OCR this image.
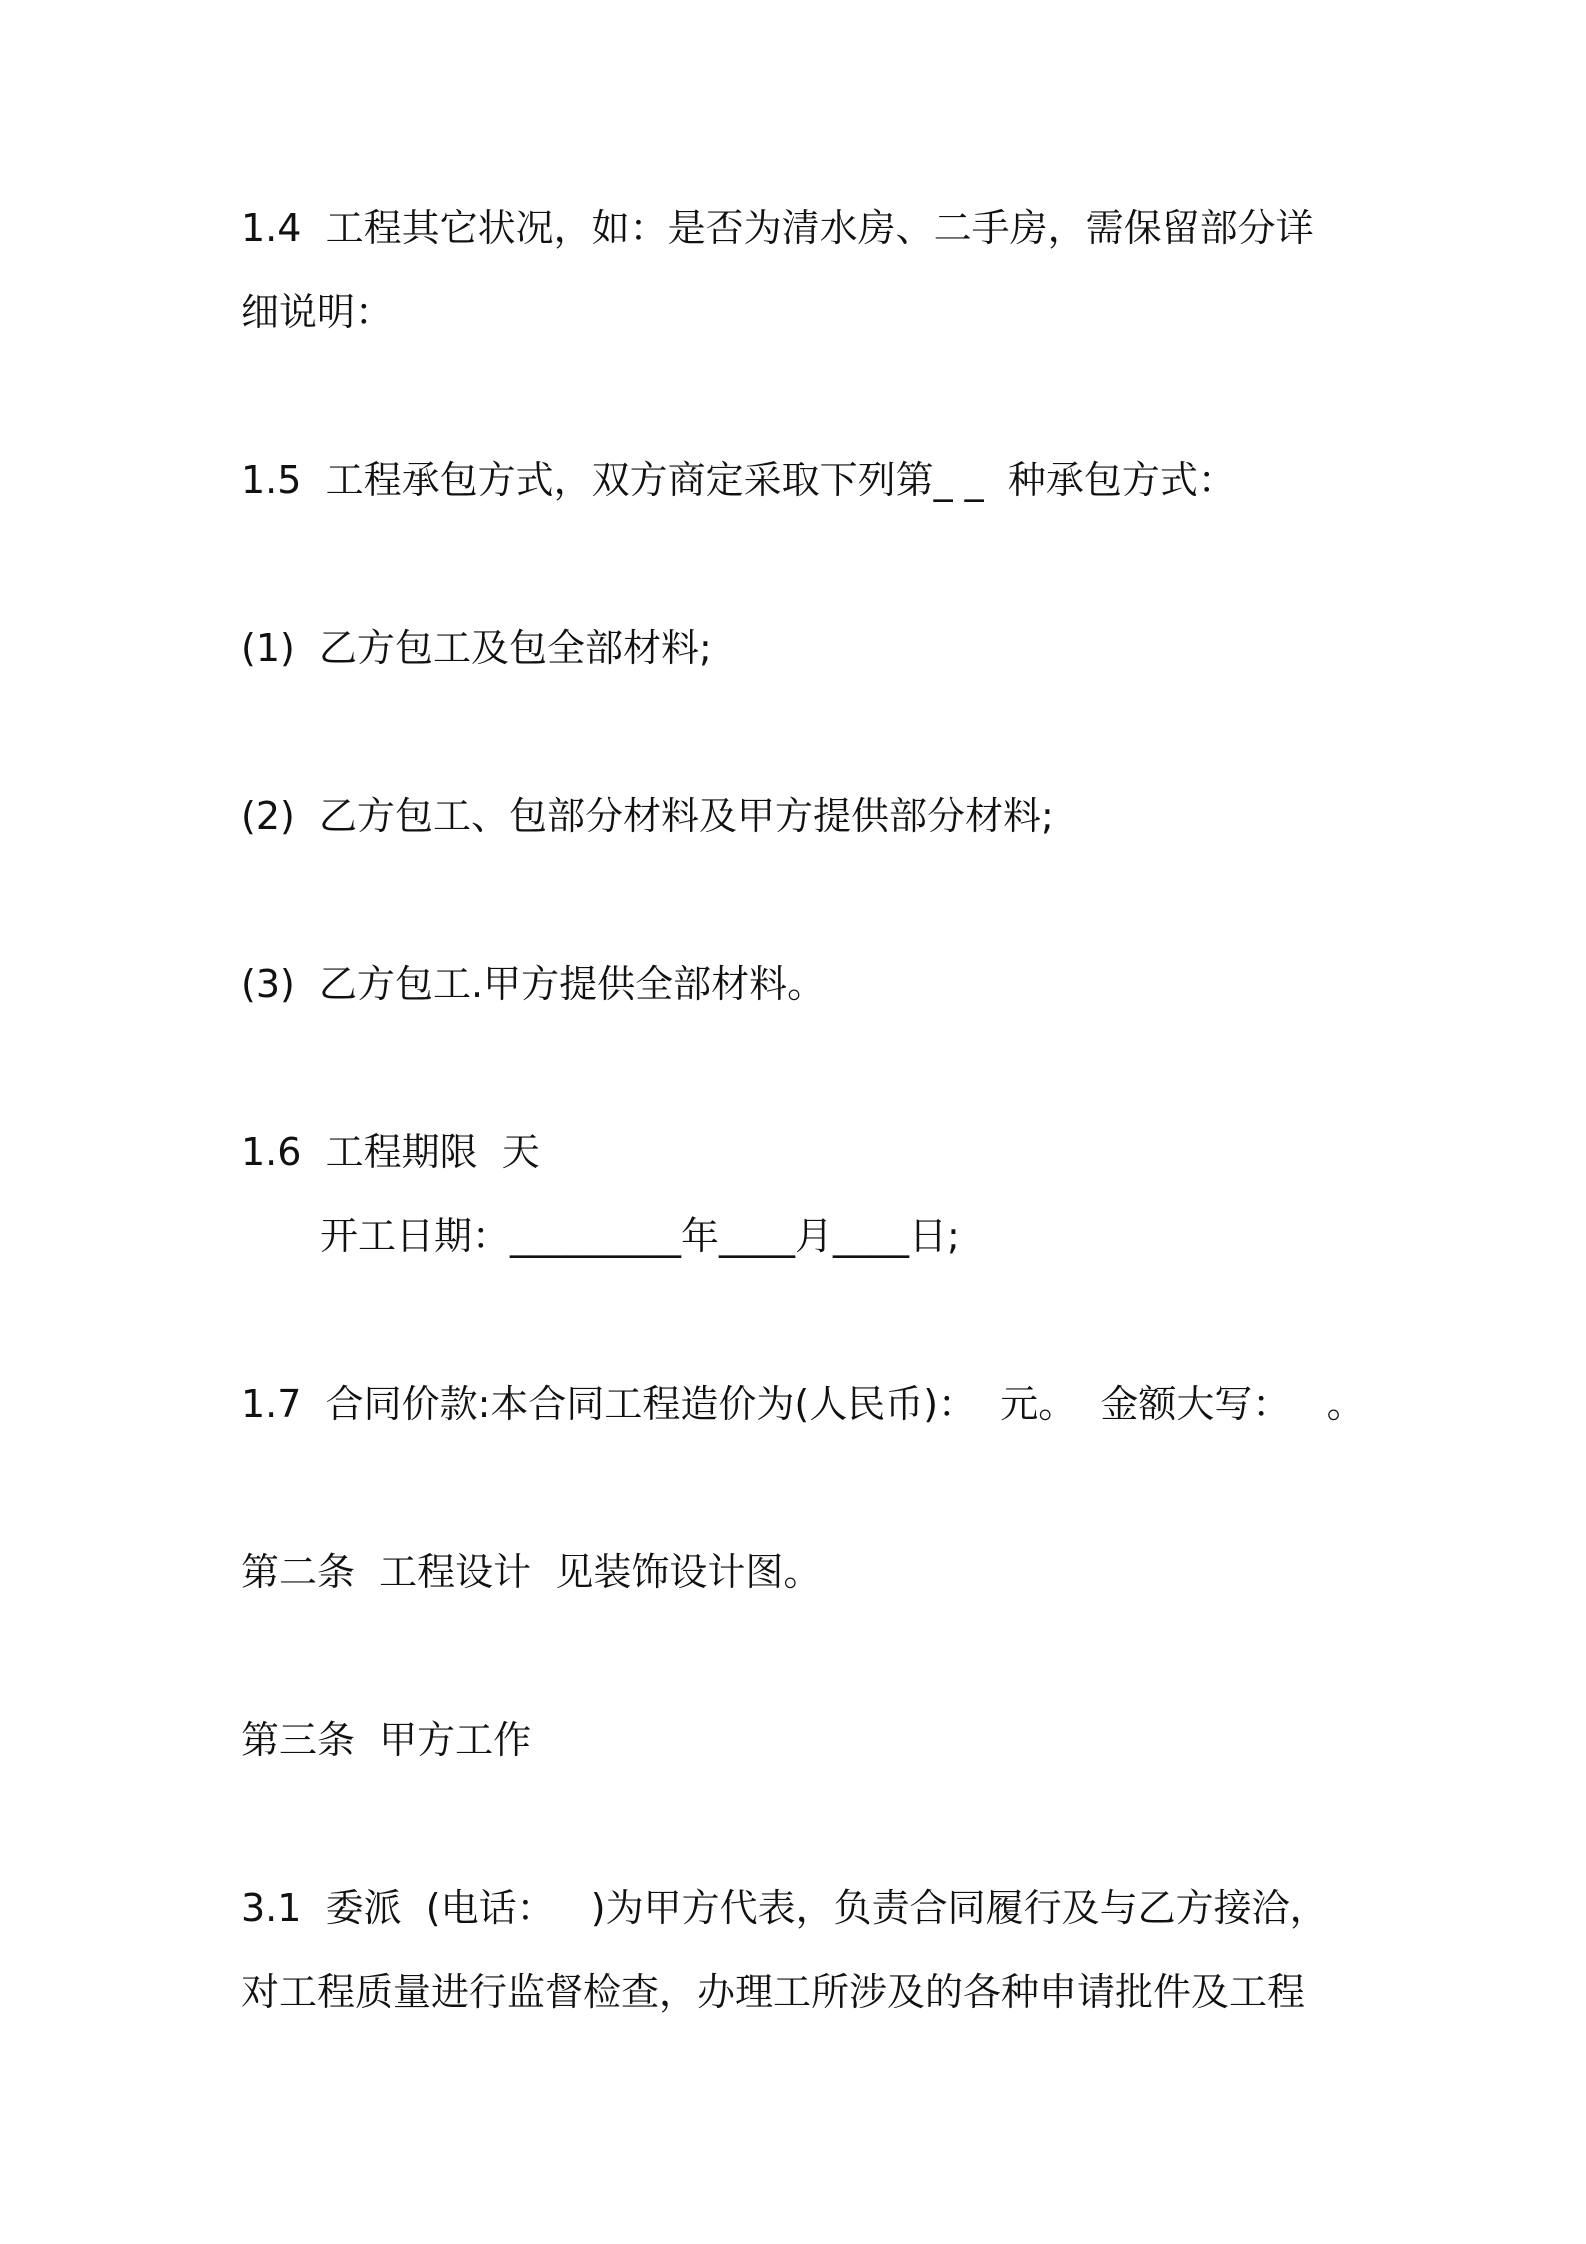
1.4  工程其它状况，如：是否为清水房、二手房，需保留部分详
细说明：
1.5  工程承包方式，双方商定采取下列第_ _  种承包方式：
(1)  乙方包工及包全部材料;
(2)  乙方包工、包部分材料及甲方提供部分材料;
(3)  乙方包工.甲方提供全部材料。
1.6  工程期限  天
开工日期：_________年____月____日;
1.7  合同价款:本合同工程造价为(人民币)：  元。  金额大写：   。
第二条  工程设计  见装饰设计图。
第三条  甲方工作
3.1  委派  (电话：   )为甲方代表，负责合同履行及与乙方接洽，
对工程质量进行监督检查，办理工所涉及的各种申请批件及工程
